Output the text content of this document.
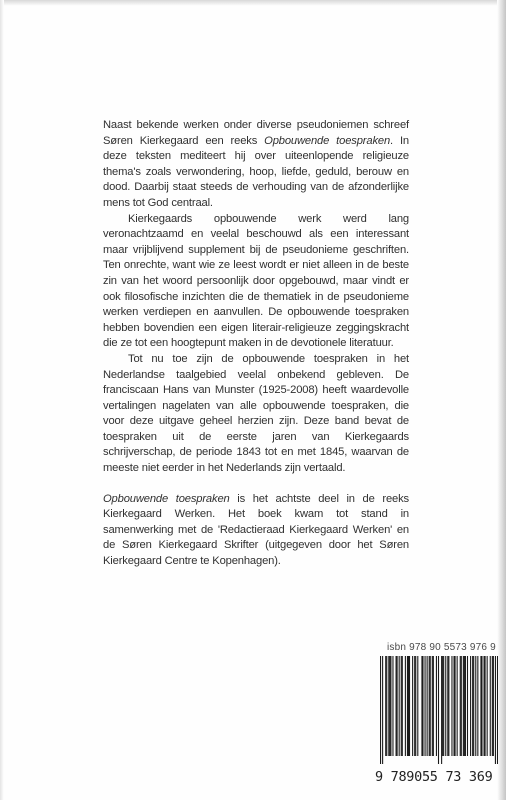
Naast bekende werken onder diverse pseudoniemen schreef Søren Kierkegaard een reeks Opbouwende toespraken. In deze teksten mediteert hij over uiteenlopende religieuze thema's zoals verwondering, hoop, liefde, geduld, berouw en dood. Daarbij staat steeds de verhouding van de afzonderlijke mens tot God centraal.

Kierkegaards opbouwende werk werd lang veronachtzaamd en veelal beschouwd als een interessant maar vrijblijvend supplement bij de pseudonieme geschriften. Ten onrechte, want wie ze leest wordt er niet alleen in de beste zin van het woord persoonlijk door opgebouwd, maar vindt er ook filosofische inzichten die de thematiek in de pseudonieme werken verdiepen en aanvullen. De opbouwende toespraken hebben bovendien een eigen literair-religieuze zeggingskracht die ze tot een hoogtepunt maken in de devotionele literatuur.

Tot nu toe zijn de opbouwende toespraken in het Nederlandse taalgebied veelal onbekend gebleven. De franciscaan Hans van Munster (1925-2008) heeft waardevolle vertalingen nagelaten van alle opbouwende toespraken, die voor deze uitgave geheel herzien zijn. Deze band bevat de toespraken uit de eerste jaren van Kierkegaards schrijverschap, de periode 1843 tot en met 1845, waarvan de meeste niet eerder in het Nederlands zijn vertaald.

Opbouwende toespraken is het achtste deel in de reeks Kierkegaard Werken. Het boek kwam tot stand in samenwerking met de 'Redactieraad Kierkegaard Werken' en de Søren Kierkegaard Skrifter (uitgegeven door het Søren Kierkegaard Centre te Kopenhagen).

isbn 978 90 5573 976 9
9 789055 73 369
